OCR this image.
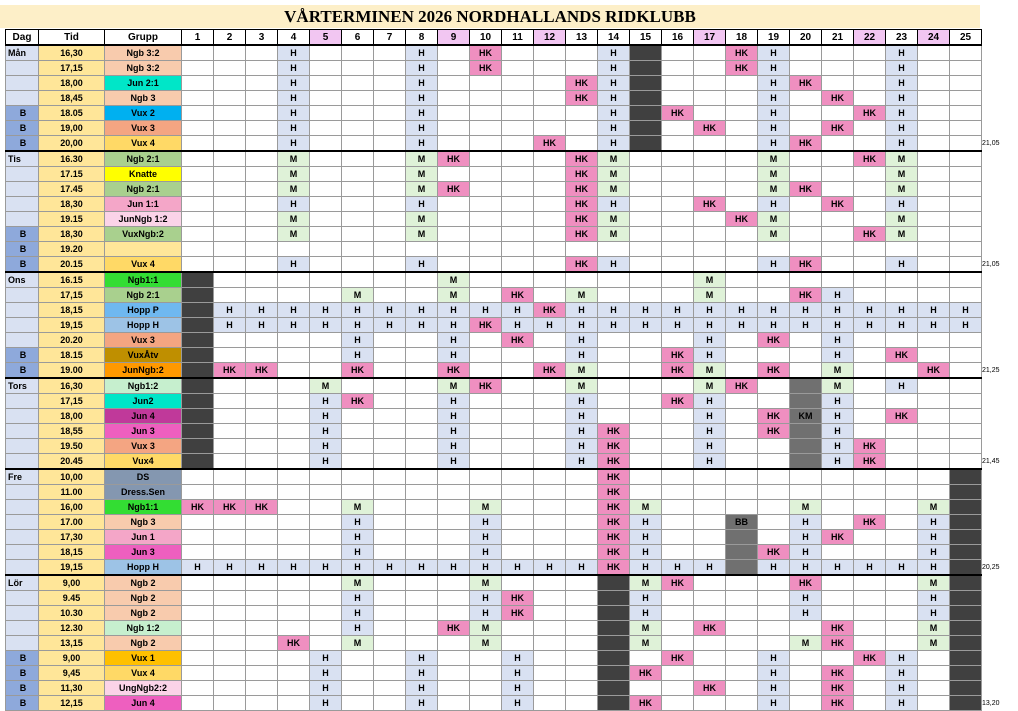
VÅRTERMINEN 2026 NORDHALLANDS RIDKLUBB
Dag	Tid	Grupp	1	2	3	4	5	6	7	8	9	10	11	12	13	14	15	16	17	18	19	20	21	22	23	24	25	
Mån	16,30	Ngb 3:2				H				H		HK				H				HK	H				H			
	17,15	Ngb 3:2				H				H		HK				H				HK	H				H			
	18,00	Jun 2:1				H				H					HK	H					H	HK			H			
	18,45	Ngb 3				H				H					HK	H					H		HK		H			
B	18.05	Vux 2				H				H						H		HK			H			HK	H			
B	19,00	Vux 3				H				H						H			HK		H		HK		H			
B	20,00	Vux 4				H				H				HK		H					H	HK			H			21,05
Tis	16.30	Ngb 2:1				M				M	HK				HK	M					M			HK	M			
	17.15	Knatte				M				M					HK	M					M				M			
	17.45	Ngb 2:1				M				M	HK				HK	M					M	HK			M			
	18,30	Jun 1:1				H				H					HK	H			HK		H		HK		H			
	19.15	JunNgb 1:2				M				M					HK	M				HK	M				M			
B	18,30	VuxNgb:2				M				M					HK	M					M			HK	M			
B	19.20																											
B	20.15	Vux 4				H				H					HK	H					H	HK			H			21,05
Ons	16.15	Ngb1:1									M								M									
	17,15	Ngb 2:1						M			M		HK		M				M			HK	H					
	18,15	Hopp P		H	H	H	H	H	H	H	H	H	H	HK	H	H	H	H	H	H	H	H	H	H	H	H	H	
	19,15	Hopp H		H	H	H	H	H	H	H	H	HK	H	H	H	H	H	H	H	H	H	H	H	H	H	H	H	
	20.20	Vux 3						H			H		HK		H				H		HK		H					
B	18.15	VuxÅtv						H			H				H			HK	H				H		HK			
B	19.00	JunNgb:2		HK	HK			HK			HK			HK	M			HK	M		HK		M			HK		21,25
Tors	16,30	Ngb1:2					M				M	HK			M				M	HK			M		H			
	17,15	Jun2					H	HK			H				H			HK	H				H					
	18,00	Jun 4					H				H				H				H		HK	KM	H		HK			
	18,55	Jun 3					H				H				H	HK			H		HK		H					
	19.50	Vux 3					H				H				H	HK			H				H	HK				
	20.45	Vux4					H				H				H	HK			H				H	HK				21,45
Fre	10,00	DS														HK												
	11.00	Dress.Sen														HK												
	16,00	Ngb1:1	HK	HK	HK			M				M				HK	M					M				M		
	17.00	Ngb 3						H				H				HK	H			BB		H		HK		H		
	17,30	Jun 1						H				H				HK	H					H	HK			H		
	18,15	Jun 3						H				H				HK	H				HK	H				H		
	19,15	Hopp H	H	H	H	H	H	H	H	H	H	H	H	H	H	HK	H	H	H		H	H	H	H	H	H		20,25
Lör	9,00	Ngb 2						M				M					M	HK				HK				M		
	9.45	Ngb 2						H				H	HK				H					H				H		
	10.30	Ngb 2						H				H	HK				H					H				H		
	12.30	Ngb 1:2						H			HK	M					M		HK				HK			M		
	13,15	Ngb 2				HK		M				M					M					M	HK			M		
B	9,00	Vux 1					H			H			H					HK			H			HK	H			
B	9,45	Vux 4					H			H			H				HK				H		HK		H			
B	11,30	UngNgb2:2					H			H			H						HK		H		HK		H			
B	12,15	Jun 4					H			H			H				HK				H		HK		H			13,20
